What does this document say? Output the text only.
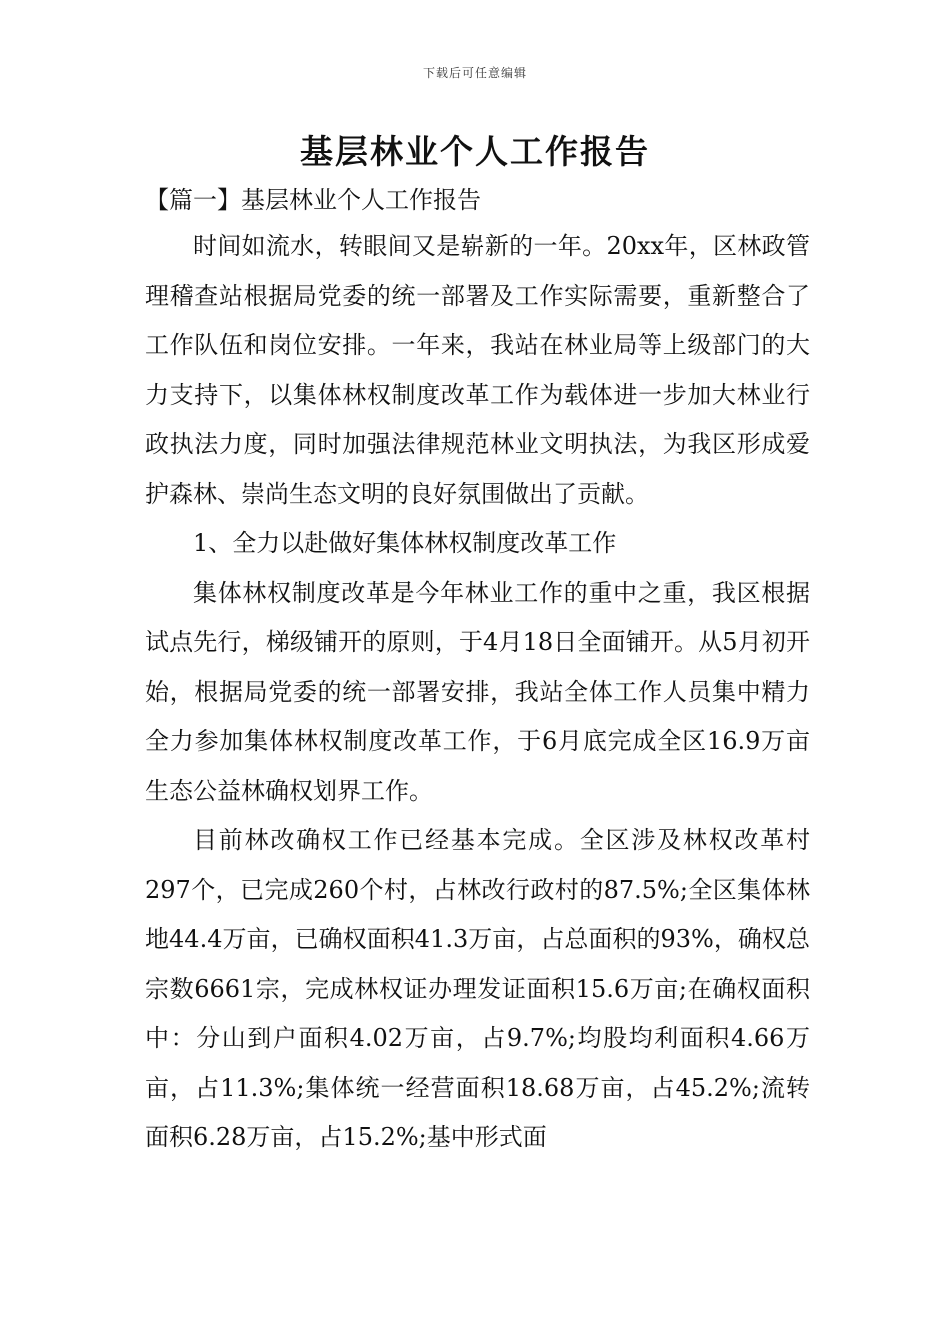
下载后可任意编辑
基层林业个人工作报告
【篇一】基层林业个人工作报告

时间如流水，转眼间又是崭新的一年。20xx年，区林政管理稽查站根据局党委的统一部署及工作实际需要，重新整合了工作队伍和岗位安排。一年来，我站在林业局等上级部门的大力支持下，以集体林权制度改革工作为载体进一步加大林业行政执法力度，同时加强法律规范林业文明执法，为我区形成爱护森林、崇尚生态文明的良好氛围做出了贡献。

1、全力以赴做好集体林权制度改革工作

集体林权制度改革是今年林业工作的重中之重，我区根据试点先行，梯级铺开的原则，于4月18日全面铺开。从5月初开始，根据局党委的统一部署安排，我站全体工作人员集中精力全力参加集体林权制度改革工作，于6月底完成全区16.9万亩生态公益林确权划界工作。

目前林改确权工作已经基本完成。全区涉及林权改革村297个，已完成260个村，占林改行政村的87.5%;全区集体林地44.4万亩，已确权面积41.3万亩，占总面积的93%，确权总宗数6661宗，完成林权证办理发证面积15.6万亩;在确权面积中：分山到户面积4.02万亩，占9.7%;均股均利面积4.66万亩，占11.3%;集体统一经营面积18.68万亩，占45.2%;流转面积6.28万亩，占15.2%;基中形式面
